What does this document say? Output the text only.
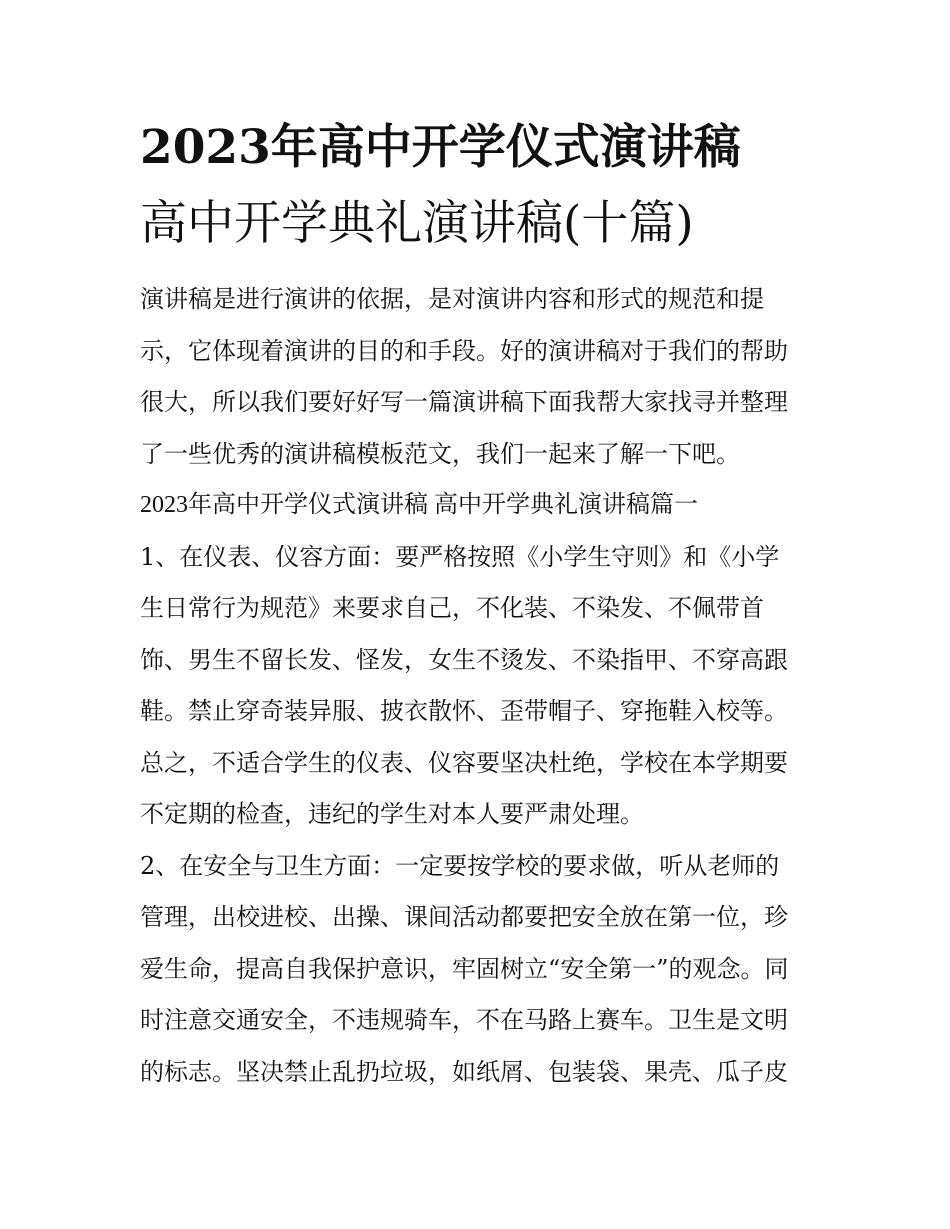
2023年高中开学仪式演讲稿
高中开学典礼演讲稿(十篇)

演讲稿是进行演讲的依据，是对演讲内容和形式的规范和提

示，它体现着演讲的目的和手段。好的演讲稿对于我们的帮助

很大，所以我们要好好写一篇演讲稿下面我帮大家找寻并整理

了一些优秀的演讲稿模板范文，我们一起来了解一下吧。

2023年高中开学仪式演讲稿 高中开学典礼演讲稿篇一

1、在仪表、仪容方面：要严格按照《小学生守则》和《小学

生日常行为规范》来要求自己，不化装、不染发、不佩带首

饰、男生不留长发、怪发，女生不烫发、不染指甲、不穿高跟

鞋。禁止穿奇装异服、披衣散怀、歪带帽子、穿拖鞋入校等。

总之，不适合学生的仪表、仪容要坚决杜绝，学校在本学期要

不定期的检查，违纪的学生对本人要严肃处理。

2、在安全与卫生方面：一定要按学校的要求做，听从老师的

管理，出校进校、出操、课间活动都要把安全放在第一位，珍

爱生命，提高自我保护意识，牢固树立“安全第一”的观念。同

时注意交通安全，不违规骑车，不在马路上赛车。卫生是文明

的标志。坚决禁止乱扔垃圾，如纸屑、包装袋、果壳、瓜子皮
